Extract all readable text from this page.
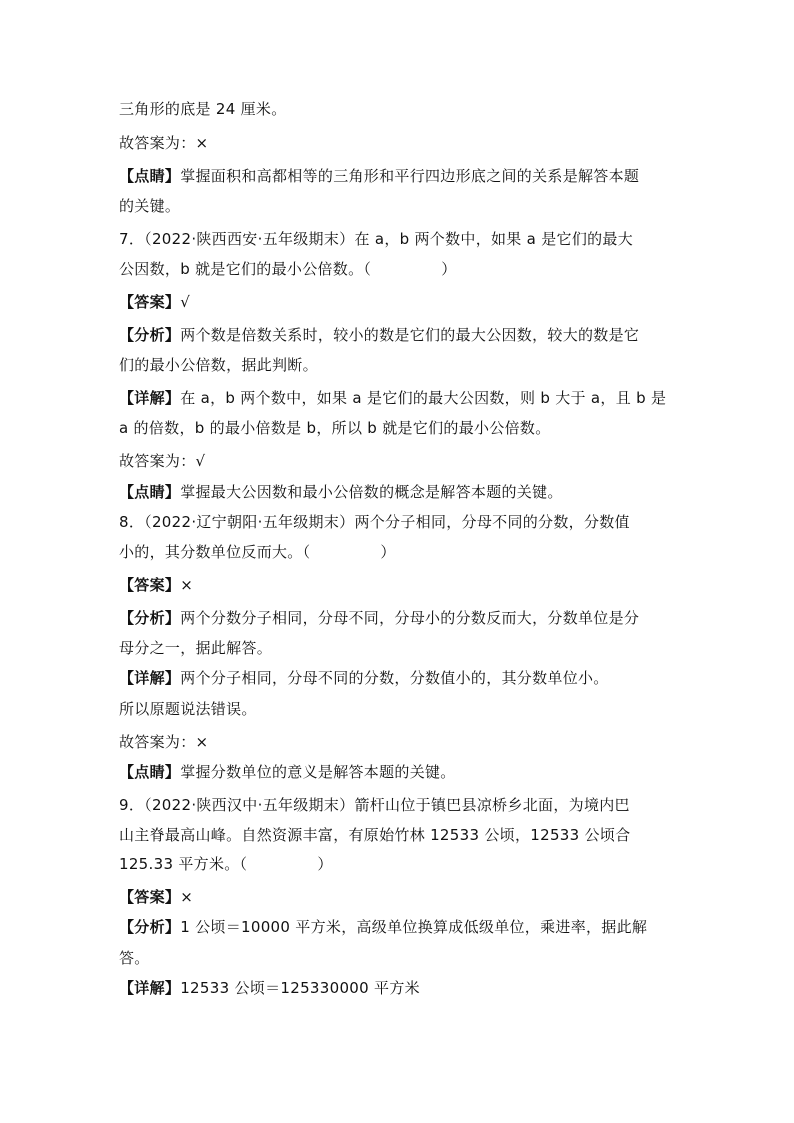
三角形的底是 24 厘米。
故答案为：×
【点睛】掌握面积和高都相等的三角形和平行四边形底之间的关系是解答本题
的关键。
7．（2022·陕西西安·五年级期末）在 a，b 两个数中，如果 a 是它们的最大
公因数，b 就是它们的最小公倍数。（	）
【答案】√
【分析】两个数是倍数关系时，较小的数是它们的最大公因数，较大的数是它
们的最小公倍数，据此判断。
【详解】在 a，b 两个数中，如果 a 是它们的最大公因数，则 b 大于 a，且 b 是
a 的倍数，b 的最小倍数是 b，所以 b 就是它们的最小公倍数。
故答案为：√
【点睛】掌握最大公因数和最小公倍数的概念是解答本题的关键。
8．（2022·辽宁朝阳·五年级期末）两个分子相同，分母不同的分数，分数值
小的，其分数单位反而大。（	）
【答案】×
【分析】两个分数分子相同，分母不同，分母小的分数反而大，分数单位是分
母分之一，据此解答。
【详解】两个分子相同，分母不同的分数，分数值小的，其分数单位小。
所以原题说法错误。
故答案为：×
【点睛】掌握分数单位的意义是解答本题的关键。
9．（2022·陕西汉中·五年级期末）箭杆山位于镇巴县凉桥乡北面，为境内巴
山主脊最高山峰。自然资源丰富，有原始竹林 12533 公顷，12533 公顷合
125.33 平方米。（	）
【答案】×
【分析】1 公顷＝10000 平方米，高级单位换算成低级单位，乘进率，据此解
答。
【详解】12533 公顷＝125330000 平方米
